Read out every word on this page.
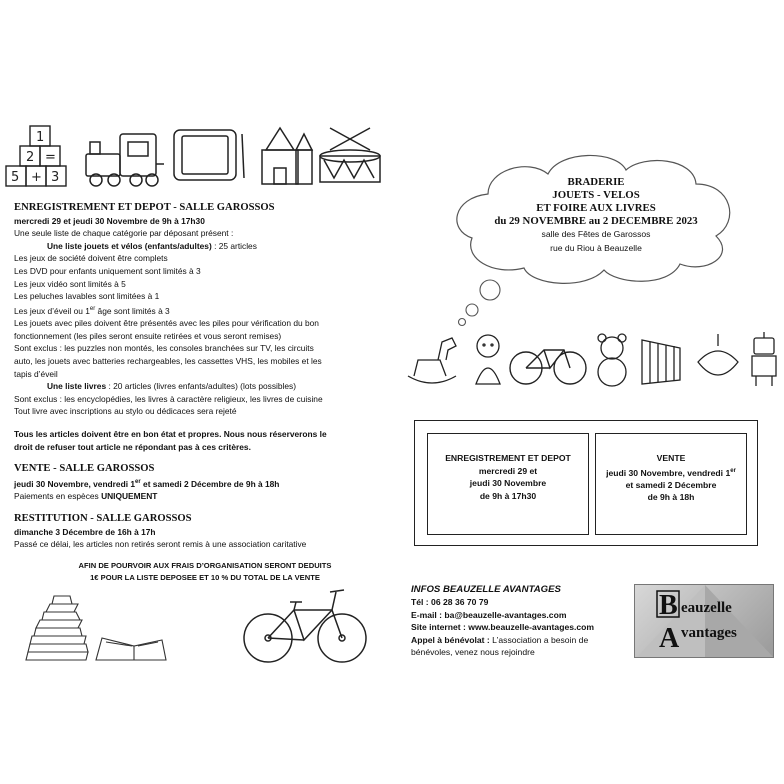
1
2 =
5 + 3
ENREGISTREMENT ET DEPOT - SALLE GAROSSOS
mercredi 29 et jeudi 30 Novembre de 9h à 17h30
Une seule liste de chaque catégorie par déposant présent :
Une liste jouets et vélos (enfants/adultes) : 25 articles
Les jeux de société doivent être complets
Les DVD pour enfants uniquement sont limités à 3
Les jeux vidéo sont limités à 5
Les peluches lavables sont limitées à 1
Les jeux d’éveil ou 1er âge sont limités à 3
Les jouets avec piles doivent être présentés avec les piles pour vérification du bon
fonctionnement (les piles seront ensuite retirées et vous seront remises)
Sont exclus : les puzzles non montés, les consoles branchées sur TV, les circuits
auto, les jouets avec batteries rechargeables, les cassettes VHS, les mobiles et les
tapis d’éveil
Une liste livres : 20 articles (livres enfants/adultes) (lots possibles)
Sont exclus : les encyclopédies, les livres à caractère religieux, les livres de cuisine
Tout livre avec inscriptions au stylo ou dédicaces sera rejeté
Tous les articles doivent être en bon état et propres. Nous nous réserverons le
droit de refuser tout article ne répondant pas à ces critères.
VENTE - SALLE GAROSSOS
jeudi 30 Novembre, vendredi 1er et samedi 2 Décembre de 9h à 18h
Paiements en espèces UNIQUEMENT
RESTITUTION - SALLE GAROSSOS
dimanche 3 Décembre de 16h à 17h
Passé ce délai, les articles non retirés seront remis à une association caritative
AFIN DE POURVOIR AUX FRAIS D’ORGANISATION SERONT DEDUITS
1€ POUR LA LISTE DEPOSEE ET 10 % DU TOTAL DE LA VENTE
BRADERIE
JOUETS - VELOS
ET FOIRE AUX LIVRES
du 29 NOVEMBRE au 2 DECEMBRE 2023
salle des Fêtes de Garossos
rue du Riou à Beauzelle
ENREGISTREMENT ET DEPOT
mercredi 29 et
jeudi 30 Novembre
de 9h à 17h30
VENTE
jeudi 30 Novembre, vendredi 1er
et samedi 2 Décembre
de 9h à 18h
INFOS BEAUZELLE AVANTAGES
Tél : 06 28 36 70 79
E-mail : ba@beauzelle-avantages.com
Site internet : www.beauzelle-avantages.com
Appel à bénévolat : L’association a besoin de
bénévoles, venez nous rejoindre
B
A
eauzelle
vantages
